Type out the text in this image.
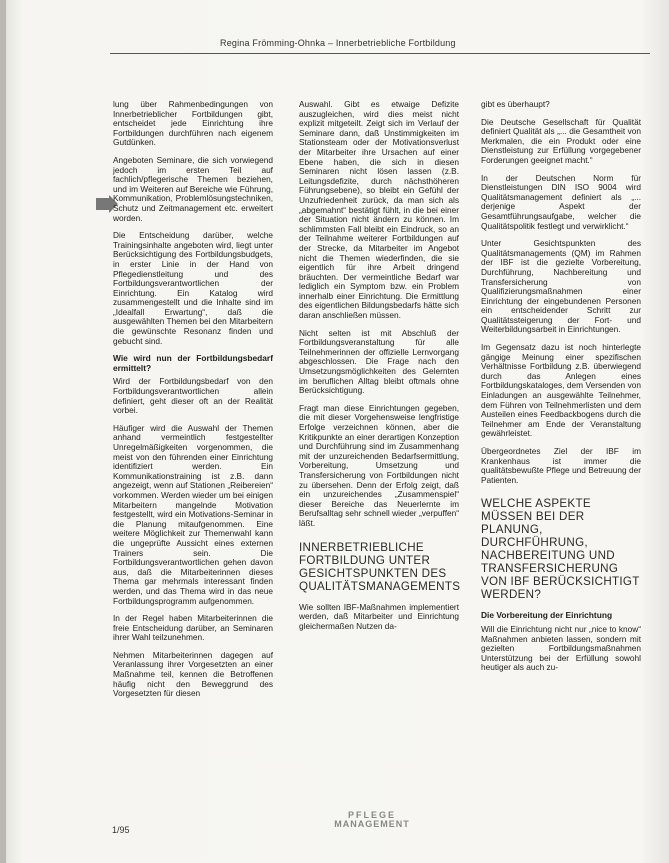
Regina Frömming-Ohnka – Innerbetriebliche Fortbildung

lung über Rahmenbedingungen von Innerbetrieblicher Fortbildungen gibt, entscheidet jede Einrichtung ihre Fortbildungen durchführen nach eigenem Gutdünken.

Angeboten Seminare, die sich vorwiegend jedoch im ersten Teil auf fachlich/pflegerische Themen beziehen, und im Weiteren auf Bereiche wie Führung, Kommunikation, Problemlösungstechniken, Schutz und Zeitmanagement etc. erweitert worden.

Die Entscheidung darüber, welche Trainingsinhalte angeboten wird, liegt unter Berücksichtigung des Fortbildungsbudgets, in erster Linie in der Hand von Pflegedienstleitung und des Fortbildungsverantwortlichen der Einrichtung. Ein Katalog wird zusammengestellt und die Inhalte sind im „Idealfall Erwartung“, daß die ausgewählten Themen bei den Mitarbeitern die gewünschte Resonanz finden und gebucht sind.

Wie wird nun der Fortbildungsbedarf ermittelt?

Wird der Fortbildungsbedarf von den Fortbildungsverantwortlichen allein definiert, geht dieser oft an der Realität vorbei.

Häufiger wird die Auswahl der Themen anhand vermeintlich festgestellter Unregelmäßigkeiten vorgenommen, die meist von den führenden einer Einrichtung identifiziert werden. Ein Kommunikationstraining ist z.B. dann angezeigt, wenn auf Stationen „Reibereien“ vorkommen. Werden wieder um bei einigen Mitarbeitern mangelnde Motivation festgestellt, wird ein Motivations-Seminar in die Planung mitaufgenommen. Eine weitere Möglichkeit zur Themenwahl kann die ungeprüfte Aussicht eines externen Trainers sein. Die Fortbildungsverantwortlichen gehen davon aus, daß die Mitarbeiterinnen dieses Thema gar mehrmals interessant finden werden, und das Thema wird in das neue Fortbildungsprogramm aufgenommen.

In der Regel haben Mitarbeiterinnen die freie Entscheidung darüber, an Seminaren ihrer Wahl teilzunehmen.

Nehmen Mitarbeiterinnen dagegen auf Veranlassung ihrer Vorgesetzten an einer Maßnahme teil, kennen die Betroffenen häufig nicht den Beweggrund des Vorgesetzten für diesen

Auswahl. Gibt es etwaige Defizite auszugleichen, wird dies meist nicht explizit mitgeteilt. Zeigt sich im Verlauf der Seminare dann, daß Unstimmigkeiten im Stationsteam oder der Motivationsverlust der Mitarbeiter ihre Ursachen auf einer Ebene haben, die sich in diesen Seminaren nicht lösen lassen (z.B. Leitungsdefizite, durch nächsthöheren Führungsebene), so bleibt ein Gefühl der Unzufriedenheit zurück, da man sich als „abgemahnt“ bestätigt fühlt, in die bei einer der Situation nicht ändern zu können. Im schlimmsten Fall bleibt ein Eindruck, so an der Teilnahme weiterer Fortbildungen auf der Strecke, da Mitarbeiter im Angebot nicht die Themen wiederfinden, die sie eigentlich für ihre Arbeit dringend bräuchten. Der vermeintliche Bedarf war lediglich ein Symptom bzw. ein Problem innerhalb einer Einrichtung. Die Ermittlung des eigentlichen Bildungsbedarfs hätte sich daran anschließen müssen.

Nicht selten ist mit Abschluß der Fortbildungsveranstaltung für alle Teilnehmerinnen der offizielle Lernvorgang abgeschlossen. Die Frage nach den Umsetzungsmöglichkeiten des Gelernten im beruflichen Alltag bleibt oftmals ohne Berücksichtigung.

Fragt man diese Einrichtungen gegeben, die mit dieser Vorgehensweise lengfristige Erfolge verzeichnen können, aber die Kritikpunkte an einer derartigen Konzeption und Durchführung sind im Zusammenhang mit der unzureichenden Bedarfsermittlung, Vorbereitung, Umsetzung und Transfersicherung von Fortbildungen nicht zu übersehen. Denn der Erfolg zeigt, daß ein unzureichendes „Zusammenspiel“ dieser Bereiche das Neuerlernte im Berufsalltag sehr schnell wieder „verpuffen“ läßt.

INNERBETRIEBLICHE FORTBILDUNG UNTER GESICHTSPUNKTEN DES QUALITÄTSMANAGEMENTS

Wie sollten IBF-Maßnahmen implementiert werden, daß Mitarbeiter und Einrichtung gleichermaßen Nutzen da-

gibt es überhaupt?

Die Deutsche Gesellschaft für Qualität definiert Qualität als „... die Gesamtheit von Merkmalen, die ein Produkt oder eine Dienstleistung zur Erfüllung vorgegebener Forderungen geeignet macht.“

In der Deutschen Norm für Dienstleistungen DIN ISO 9004 wird Qualitätsmanagement definiert als „... derjenige Aspekt der Gesamtführungsaufgabe, welcher die Qualitätspolitik festlegt und verwirklicht.“

Unter Gesichtspunkten des Qualitätsmanagements (QM) im Rahmen der IBF ist die gezielte Vorbereitung, Durchführung, Nachbereitung und Transfersicherung von Qualifizierungsmaßnahmen einer Einrichtung der eingebundenen Personen ein entscheidender Schritt zur Qualitätssteigerung der Fort- und Weiterbildungsarbeit in Einrichtungen.

Im Gegensatz dazu ist noch hinterlegte gängige Meinung einer spezifischen Verhältnisse Fortbildung z.B. überwiegend durch das Anlegen eines Fortbildungskataloges, dem Versenden von Einladungen an ausgewählte Teilnehmer, dem Führen von Teilnehmerlisten und dem Austeilen eines Feedbackbogens durch die Teilnehmer am Ende der Veranstaltung gewährleistet.

Übergeordnetes Ziel der IBF im Krankenhaus ist immer die qualitätsbewußte Pflege und Betreuung der Patienten.

WELCHE ASPEKTE MÜSSEN BEI DER PLANUNG, DURCHFÜHRUNG, NACHBEREITUNG UND TRANSFERSICHERUNG VON IBF BERÜCKSICHTIGT WERDEN?
Die Vorbereitung der Einrichtung

Will die Einrichtung nicht nur „nice to know“ Maßnahmen anbieten lassen, sondern mit gezielten Fortbildungsmaßnahmen Unterstützung bei der Erfüllung sowohl heutiger als auch zu-

1/95
PFLEGE
MANAGEMENT
